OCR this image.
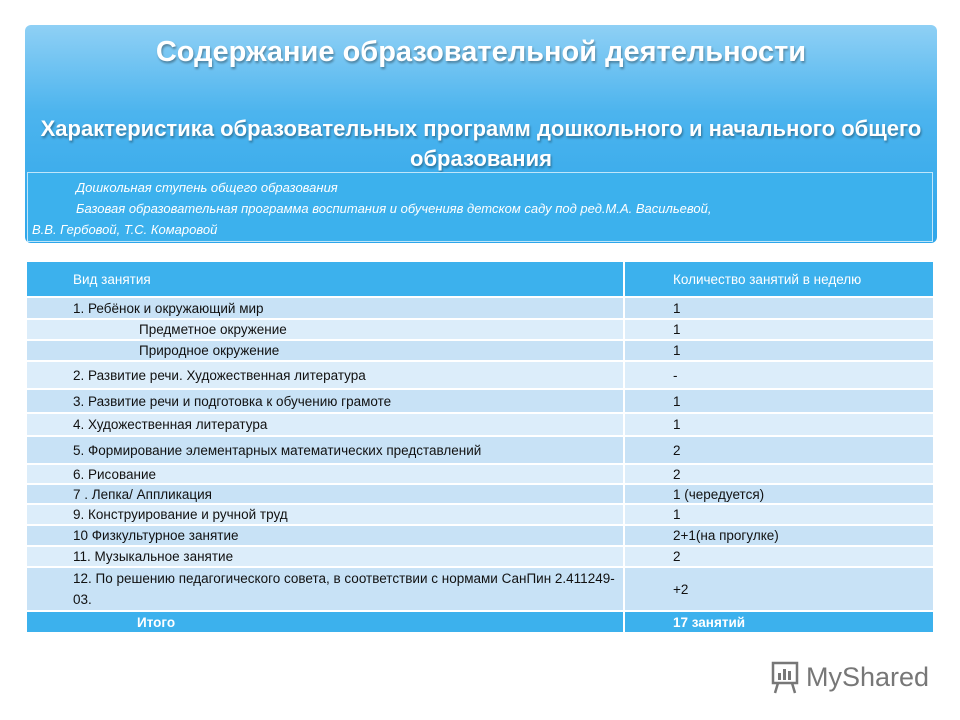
Содержание образовательной деятельности
Характеристика образовательных программ дошкольного и начального общего образования
Дошкольная ступень общего образования
Базовая образовательная программа воспитания и обученияв детском саду под ред.М.А. Васильевой,
В.В. Гербовой, Т.С. Комаровой
Вид занятия	Количество занятий в неделю
1. Ребёнок и окружающий мир	1
Предметное окружение	1
Природное окружение	1
2. Развитие речи. Художественная литература	-
3. Развитие речи и подготовка к обучению грамоте	1
4. Художественная литература	1
5. Формирование элементарных математических представлений	2
6. Рисование	2
7 . Лепка/ Аппликация	1 (чередуется)
9. Конструирование и ручной труд	1
10 Физкультурное занятие	2+1(на прогулке)
11. Музыкальное занятие	2
12. По решению педагогического совета, в соответствии с нормами СанПин 2.411249-03.	+2
Итого	17 занятий
MyShared
